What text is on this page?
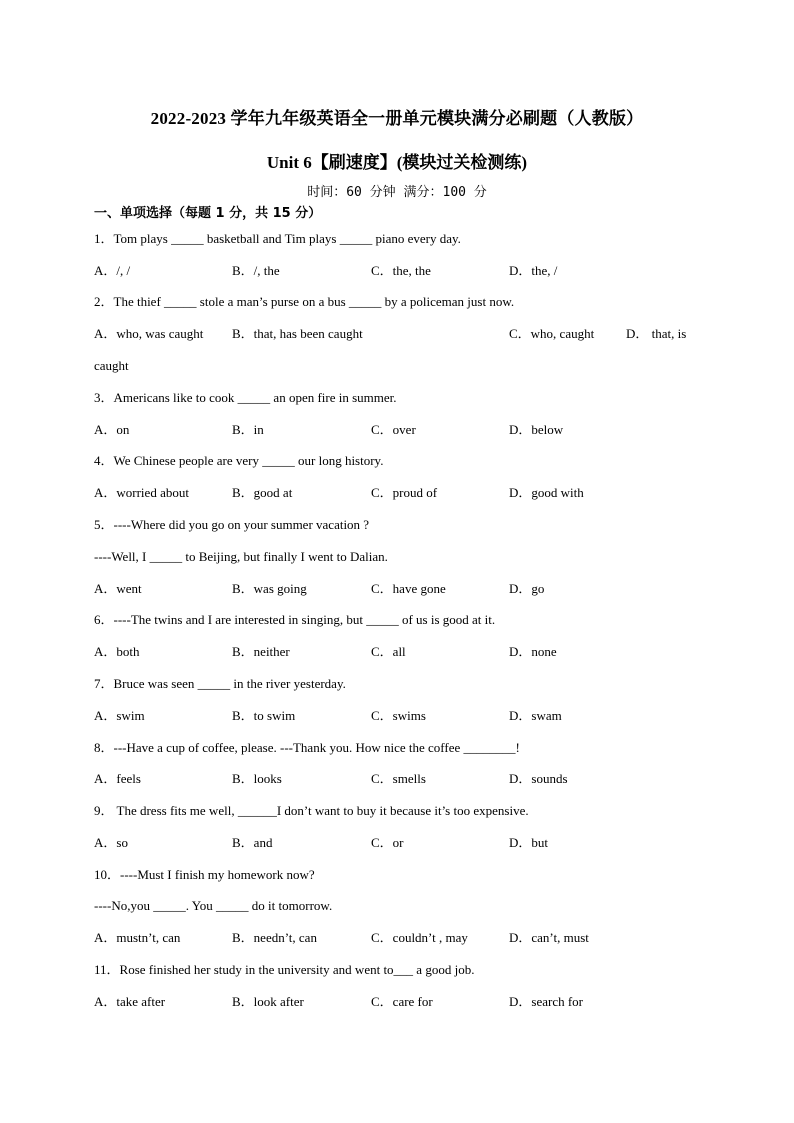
2022-2023 学年九年级英语全一册单元模块满分必刷题（人教版）
Unit 6【刷速度】(模块过关检测练)
时间：60 分钟 满分：100 分
一、单项选择（每题 1 分，共 15 分）
1．Tom plays _____ basketball and Tim plays _____ piano every day.
A．/, /	B．/, the	C．the, the	D．the, /
2．The thief _____ stole a man’s purse on a bus _____ by a policeman just now.
A．who, was caught B．that, has been caught	C．who, caught D． that, is
caught
3．Americans like to cook _____ an open fire in summer.
A．on	B．in	C．over	D．below
4．We Chinese people are very _____ our long history.
A．worried about	B．good at	C．proud of	D．good with
5．----Where did you go on your summer vacation ?
----Well, I _____ to Beijing, but finally I went to Dalian.
A．went	B．was going	C．have gone	D．go
6．----The twins and I are interested in singing, but _____ of us is good at it.
A．both	B．neither	C．all	D．none
7．Bruce was seen _____ in the river yesterday.
A．swim	B．to swim	C．swims	D．swam
8．---Have a cup of coffee, please. ---Thank you. How nice the coffee ________!
A．feels	B．looks	C．smells	D．sounds
9． The dress fits me well, ______I don’t want to buy it because it’s too expensive.
A．so	B．and	C．or	D．but
10．----Must I finish my homework now?
----No,you _____. You _____ do it tomorrow.
A．mustn’t, can	B．needn’t, can	C．couldn’t , may	D．can’t, must
11．Rose finished her study in the university and went to___ a good job.
A．take after	B．look after	C．care for	D．search for
